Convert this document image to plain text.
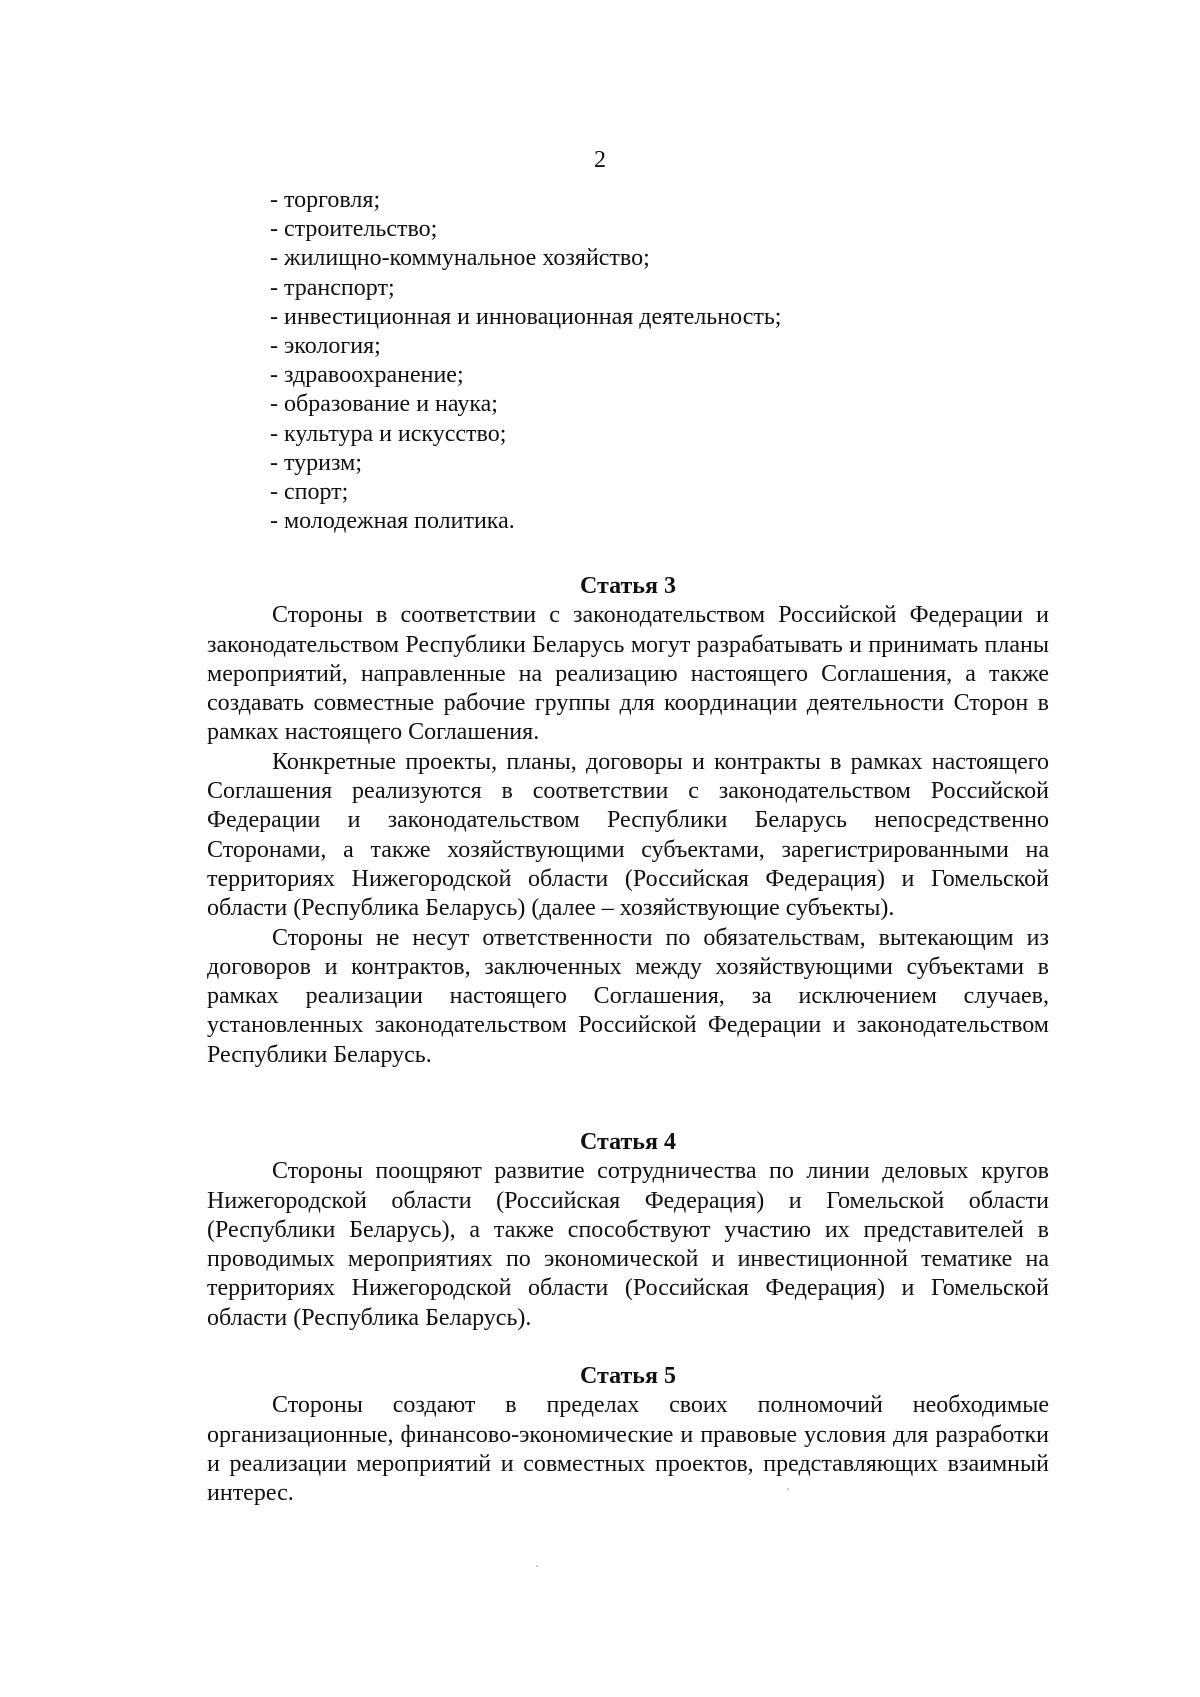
2
- торговля;
- строительство;
- жилищно-коммунальное хозяйство;
- транспорт;
- инвестиционная и инновационная деятельность;
- экология;
- здравоохранение;
- образование и наука;
- культура и искусство;
- туризм;
- спорт;
- молодежная политика.

Статья 3

Стороны в соответствии с законодательством Российской Федерации и законодательством Республики Беларусь могут разрабатывать и принимать планы мероприятий, направленные на реализацию настоящего Соглашения, а также создавать совместные рабочие группы для координации деятельности Сторон в рамках настоящего Соглашения.

Конкретные проекты, планы, договоры и контракты в рамках настоящего Соглашения реализуются в соответствии с законодательством Российской Федерации и законодательством Республики Беларусь непосредственно Сторонами, а также хозяйствующими субъектами, зарегистрированными на территориях Нижегородской области (Российская Федерация) и Гомельской области (Республика Беларусь) (далее – хозяйствующие субъекты).

Стороны не несут ответственности по обязательствам, вытекающим из договоров и контрактов, заключенных между хозяйствующими субъектами в рамках реализации настоящего Соглашения, за исключением случаев, установленных законодательством Российской Федерации и законодательством Республики Беларусь.

Статья 4

Стороны поощряют развитие сотрудничества по линии деловых кругов Нижегородской области (Российская Федерация) и Гомельской области (Республики Беларусь), а также способствуют участию их представителей в проводимых мероприятиях по экономической и инвестиционной тематике на территориях Нижегородской области (Российская Федерация) и Гомельской области (Республика Беларусь).

Статья 5

Стороны создают в пределах своих полномочий необходимые организационные, финансово-экономические и правовые условия для разработки и реализации мероприятий и совместных проектов, представляющих взаимный интерес.
